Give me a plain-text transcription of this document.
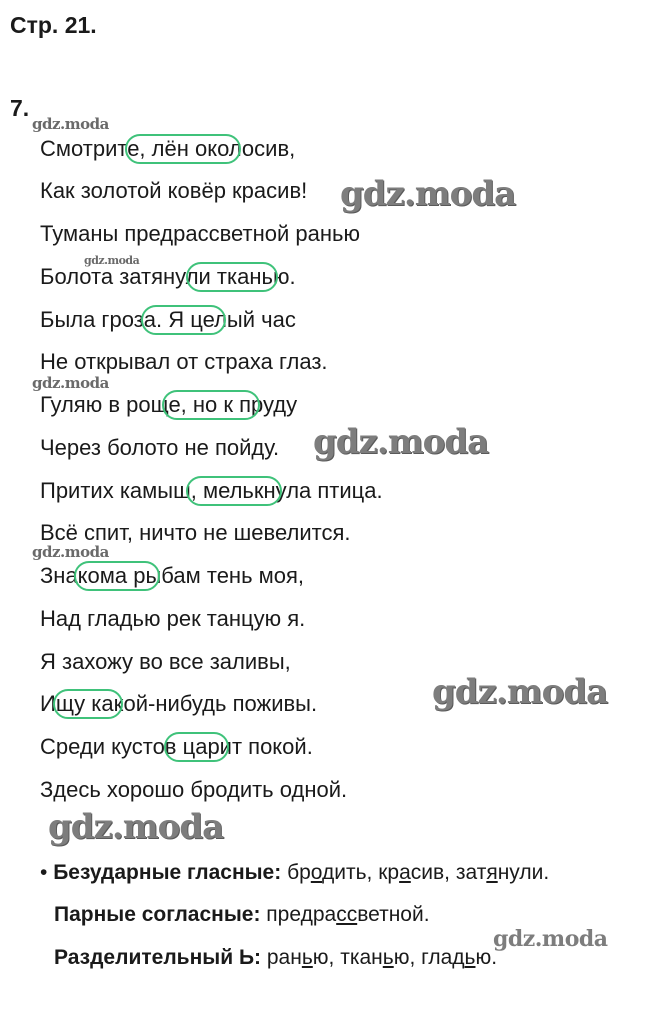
Стр. 21.
7.
Смотрите, лён околосив,
Как золотой ковёр красив!
Туманы предрассветной ранью
Болота затянули тканью.
Была гроза. Я целый час
Не открывал от страха глаз.
Гуляю в роще, но к пруду
Через болото не пойду.
Притих камыш, мелькнула птица.
Всё спит, ничто не шевелится.
Знакома рыбам тень моя,
Над гладью рек танцую я.
Я захожу во все заливы,
Ищу какой-нибудь поживы.
Среди кустов царит покой.
Здесь хорошо бродить одной.
• Безударные гласные: бродить, красив, затянули.
Парные согласные: предрассветной.
Разделительный Ь: ранью, тканью, гладью.
gdz.moda
gdz.moda
gdz.moda
gdz.moda
gdz.moda
gdz.moda
gdz.moda
gdz.moda
gdz.moda
